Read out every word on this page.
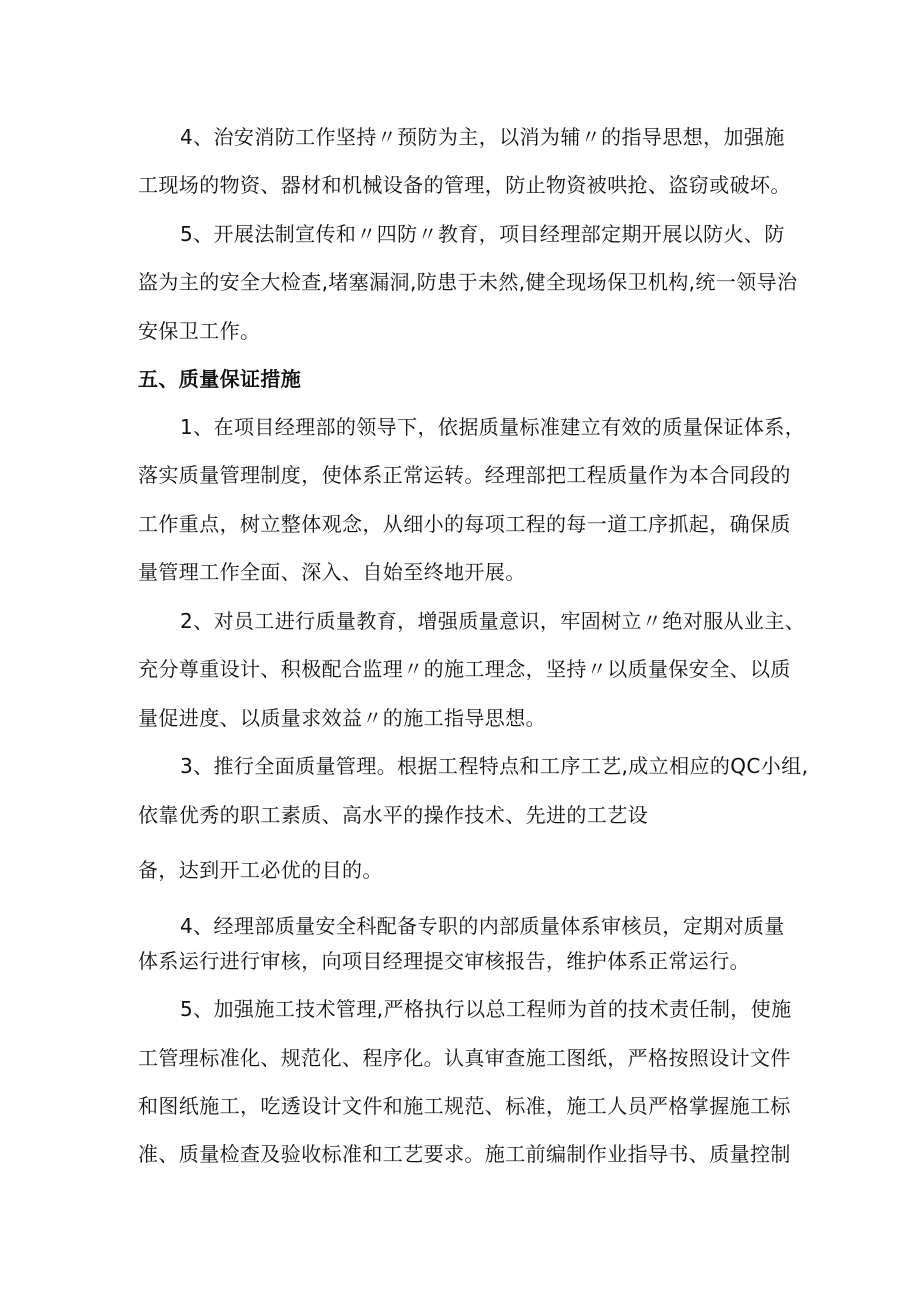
4、治安消防工作坚持〃预防为主，以消为辅〃的指导思想，加强施
工现场的物资、器材和机械设备的管理，防止物资被哄抢、盗窃或破坏。
5、开展法制宣传和〃四防〃教育，项目经理部定期开展以防火、防
盗为主的安全大检查,堵塞漏洞,防患于未然,健全现场保卫机构,统一领导治
安保卫工作。
五、质量保证措施
1、在项目经理部的领导下，依据质量标准建立有效的质量保证体系，
落实质量管理制度，使体系正常运转。经理部把工程质量作为本合同段的
工作重点，树立整体观念，从细小的每项工程的每一道工序抓起，确保质
量管理工作全面、深入、自始至终地开展。
2、对员工进行质量教育，增强质量意识，牢固树立〃绝对服从业主、
充分尊重设计、积极配合监理〃的施工理念，坚持〃以质量保安全、以质
量促进度、以质量求效益〃的施工指导思想。
3、推行全面质量管理。根据工程特点和工序工艺,成立相应的QC小组,
依靠优秀的职工素质、高水平的操作技术、先进的工艺设
备，达到开工必优的目的。
4、经理部质量安全科配备专职的内部质量体系审核员，定期对质量
体系运行进行审核，向项目经理提交审核报告，维护体系正常运行。
5、加强施工技术管理,严格执行以总工程师为首的技术责任制，使施
工管理标准化、规范化、程序化。认真审查施工图纸，严格按照设计文件
和图纸施工，吃透设计文件和施工规范、标准，施工人员严格掌握施工标
准、质量检查及验收标准和工艺要求。施工前编制作业指导书、质量控制
